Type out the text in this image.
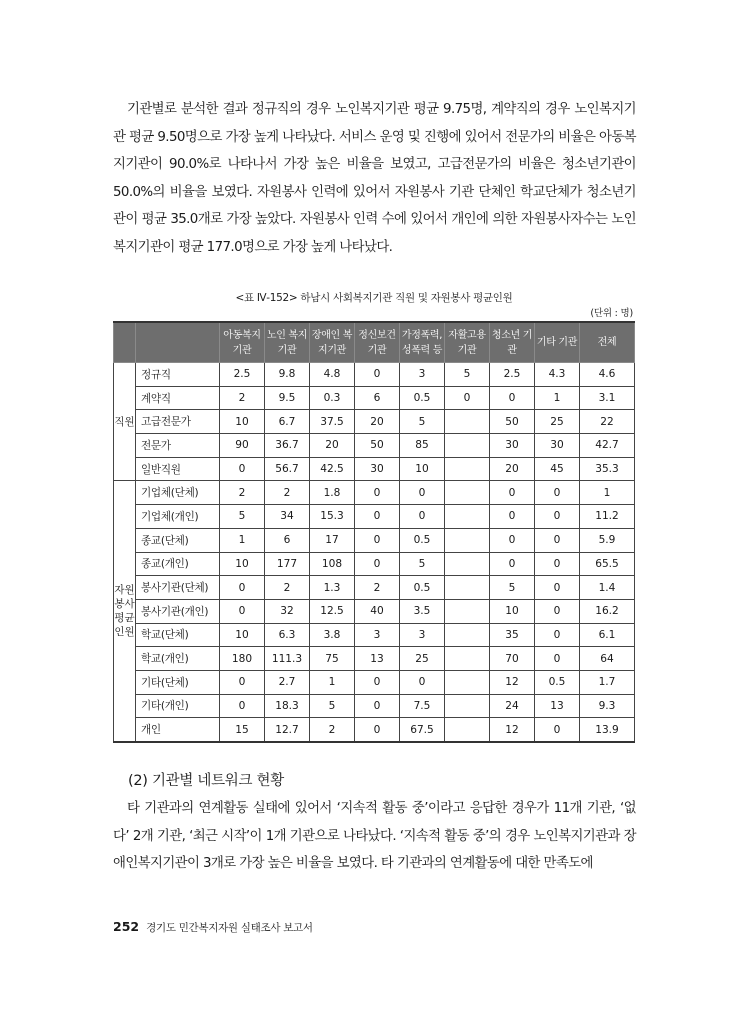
기관별로 분석한 결과 정규직의 경우 노인복지기관 평균 9.75명, 계약직의 경우 노인복지기관 평균 9.50명으로 가장 높게 나타났다. 서비스 운영 및 진행에 있어서 전문가의 비율은 아동복지기관이 90.0%로 나타나서 가장 높은 비율을 보였고, 고급전문가의 비율은 청소년기관이 50.0%의 비율을 보였다. 자원봉사 인력에 있어서 자원봉사 기관 단체인 학교단체가 청소년기관이 평균 35.0개로 가장 높았다. 자원봉사 인력 수에 있어서 개인에 의한 자원봉사자수는 노인복지기관이 평균 177.0명으로 가장 높게 나타났다.

<표 Ⅳ-152> 하남시 사회복지기관 직원 및 자원봉사 평균인원
(단위 : 명)
		아동복지 기관	노인 복지기관	장애인 복지기관	정신보건 기관	가정폭력, 성폭력 등	자활고용 기관	청소년 기관	기타 기관	전체
직원	정규직	2.5	9.8	4.8	0	3	5	2.5	4.3	4.6
	계약직	2	9.5	0.3	6	0.5	0	0	1	3.1
	고급전문가	10	6.7	37.5	20	5		50	25	22
	전문가	90	36.7	20	50	85		30	30	42.7
	일반직원	0	56.7	42.5	30	10		20	45	35.3
자원봉사평균인원	기업체(단체)	2	2	1.8	0	0		0	0	1
	기업체(개인)	5	34	15.3	0	0		0	0	11.2
	종교(단체)	1	6	17	0	0.5		0	0	5.9
	종교(개인)	10	177	108	0	5		0	0	65.5
	봉사기관(단체)	0	2	1.3	2	0.5		5	0	1.4
	봉사기관(개인)	0	32	12.5	40	3.5		10	0	16.2
	학교(단체)	10	6.3	3.8	3	3		35	0	6.1
	학교(개인)	180	111.3	75	13	25		70	0	64
	기타(단체)	0	2.7	1	0	0		12	0.5	1.7
	기타(개인)	0	18.3	5	0	7.5		24	13	9.3
	개인	15	12.7	2	0	67.5		12	0	13.9
(2) 기관별 네트워크 현황

타 기관과의 연계활동 실태에 있어서 ‘지속적 활동 중’이라고 응답한 경우가 11개 기관, ‘없다’ 2개 기관, ‘최근 시작’이 1개 기관으로 나타났다. ‘지속적 활동 중’의 경우 노인복지기관과 장애인복지기관이 3개로 가장 높은 비율을 보였다. 타 기관과의 연계활동에 대한 만족도에

252 경기도 민간복지자원 실태조사 보고서
